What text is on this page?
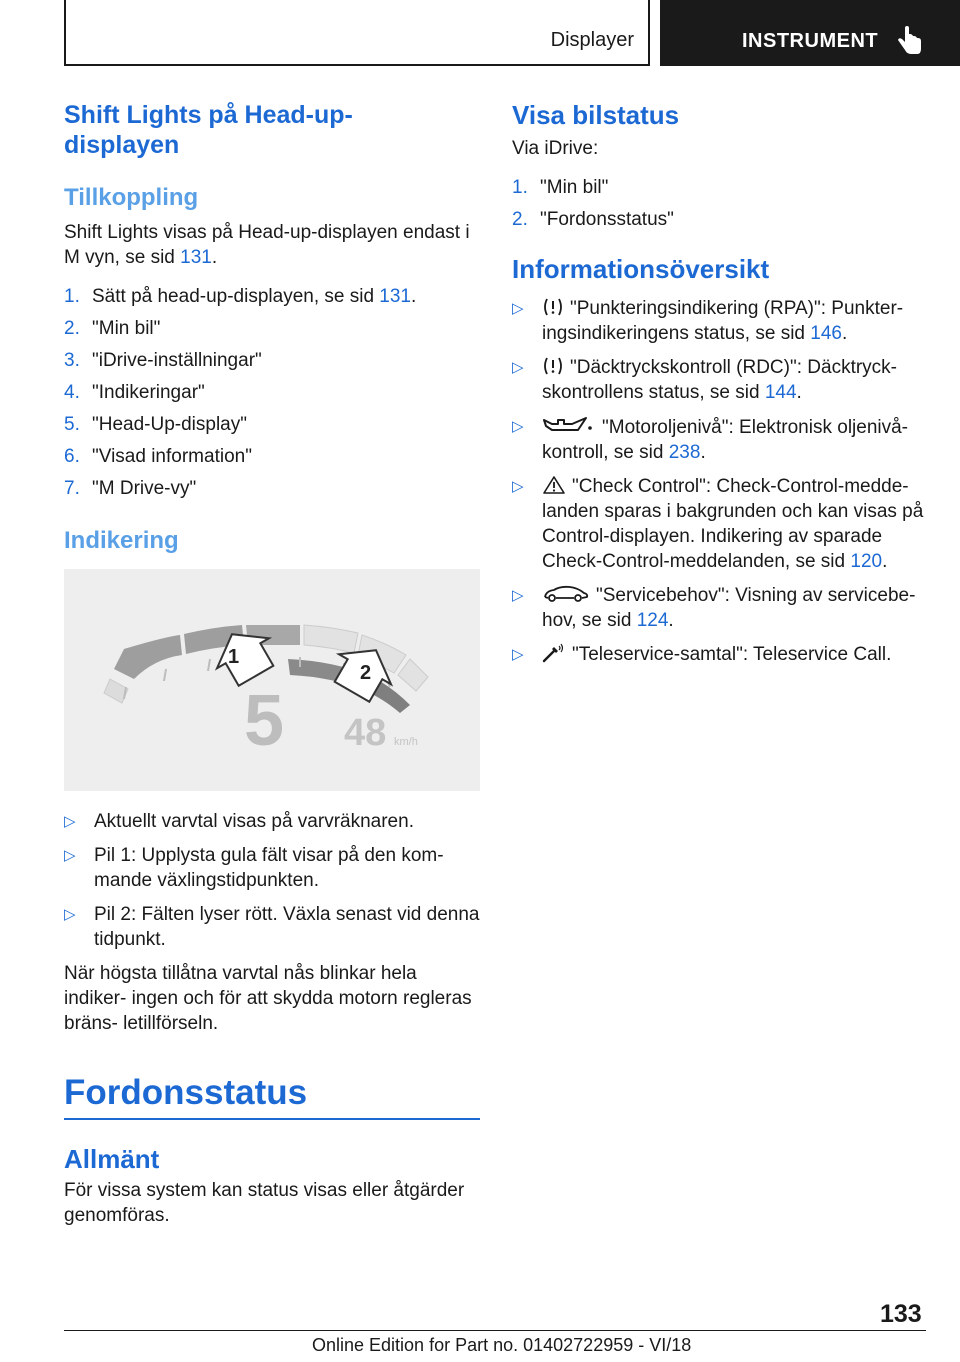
Displayer	INSTRUMENT
Shift Lights på Head-up-
displayen
Tillkoppling

Shift Lights visas på Head-up-displayen endast i M vyn, se sid 131.

1. Sätt på head-up-displayen, se sid 131.
2. "Min bil"
3. "iDrive-inställningar"
4. "Indikeringar"
5. "Head-Up-display"
6. "Visad information"
7. "M Drive-vy"
Indikering
1
2
5 48 km/h
▷ Aktuellt varvtal visas på varvräknaren.
▷ Pil 1: Upplysta gula fält visar på den kom- mande växlingstidpunkten.
▷ Pil 2: Fälten lyser rött. Växla senast vid denna tidpunkt.

När högsta tillåtna varvtal nås blinkar hela indiker- ingen och för att skydda motorn regleras bräns- letillförseln.

Fordonsstatus
Allmänt

För vissa system kan status visas eller åtgärder genomföras.

Visa bilstatus

Via iDrive:

1. "Min bil"
2. "Fordonsstatus"
Informationsöversikt
▷ "Punkteringsindikering (RPA)": Punkter- ingsindikeringens status, se sid 146.
▷ "Däcktryckskontroll (RDC)": Däcktryck- skontrollens status, se sid 144.
▷	"Motoroljenivå": Elektronisk oljenivå- kontroll, se sid 238.
▷	"Check Control": Check-Control-medde- landen sparas i bakgrunden och kan visas på Control-displayen. Indikering av sparade Check-Control-meddelanden, se sid 120.
▷	"Servicebehov": Visning av servicebe- hov, se sid 124.
▷	"Teleservice-samtal": Teleservice Call.
133
Online Edition for Part no. 01402722959 - VI/18
